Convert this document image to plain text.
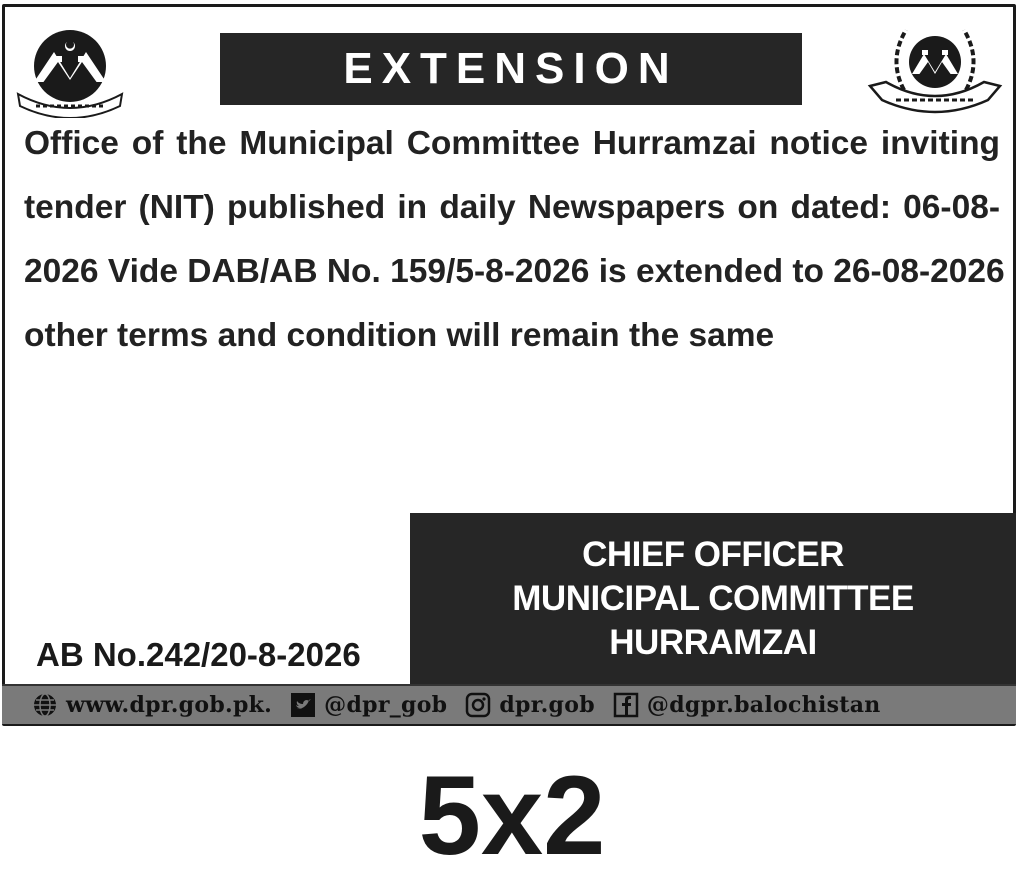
EXTENSION
Office of the Municipal Committee Hurramzai notice inviting
tender (NIT) published in daily Newspapers on dated: 06-08-
2026 Vide DAB/AB No. 159/5-8-2026 is extended to 26-08-2026
other terms and condition will remain the same
CHIEF OFFICER
MUNICIPAL COMMITTEE
HURRAMZAI
AB No.242/20-8-2026
www.dpr.gob.pk. @dpr_gob dpr.gob @dgpr.balochistan
5x2
